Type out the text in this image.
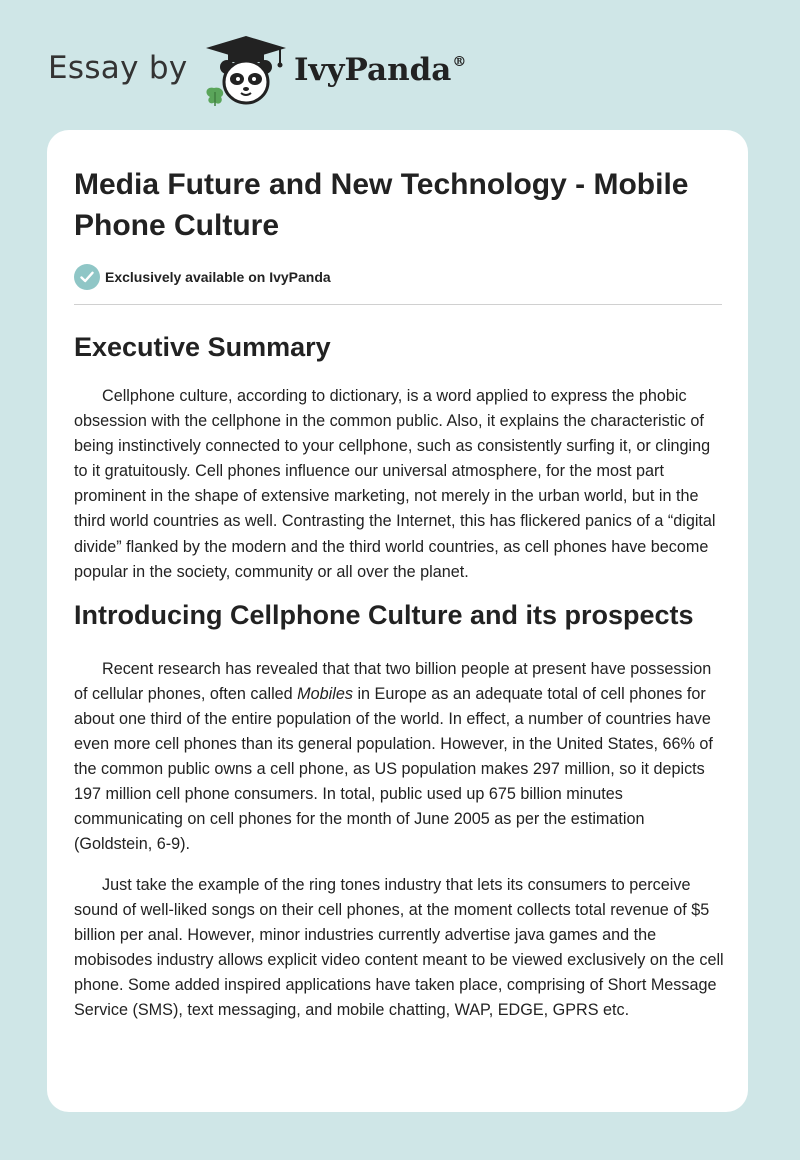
Essay by	IvyPanda®
Media Future and New Technology - Mobile Phone Culture
Exclusively available on IvyPanda
Executive Summary

Cellphone culture, according to dictionary, is a word applied to express the phobic obsession with the cellphone in the common public. Also, it explains the characteristic of being instinctively connected to your cellphone, such as consistently surfing it, or clinging to it gratuitously. Cell phones influence our universal atmosphere, for the most part prominent in the shape of extensive marketing, not merely in the urban world, but in the third world countries as well. Contrasting the Internet, this has flickered panics of a “digital divide” flanked by the modern and the third world countries, as cell phones have become popular in the society, community or all over the planet.

Introducing Cellphone Culture and its prospects

Recent research has revealed that that two billion people at present have possession of cellular phones, often called Mobiles in Europe as an adequate total of cell phones for about one third of the entire population of the world. In effect, a number of countries have even more cell phones than its general population. However, in the United States, 66% of the common public owns a cell phone, as US population makes 297 million, so it depicts 197 million cell phone consumers. In total, public used up 675 billion minutes communicating on cell phones for the month of June 2005 as per the estimation (Goldstein, 6-9).

Just take the example of the ring tones industry that lets its consumers to perceive sound of well-liked songs on their cell phones, at the moment collects total revenue of $5 billion per anal. However, minor industries currently advertise java games and the mobisodes industry allows explicit video content meant to be viewed exclusively on the cell phone. Some added inspired applications have taken place, comprising of Short Message Service (SMS), text messaging, and mobile chatting, WAP, EDGE, GPRS etc.
